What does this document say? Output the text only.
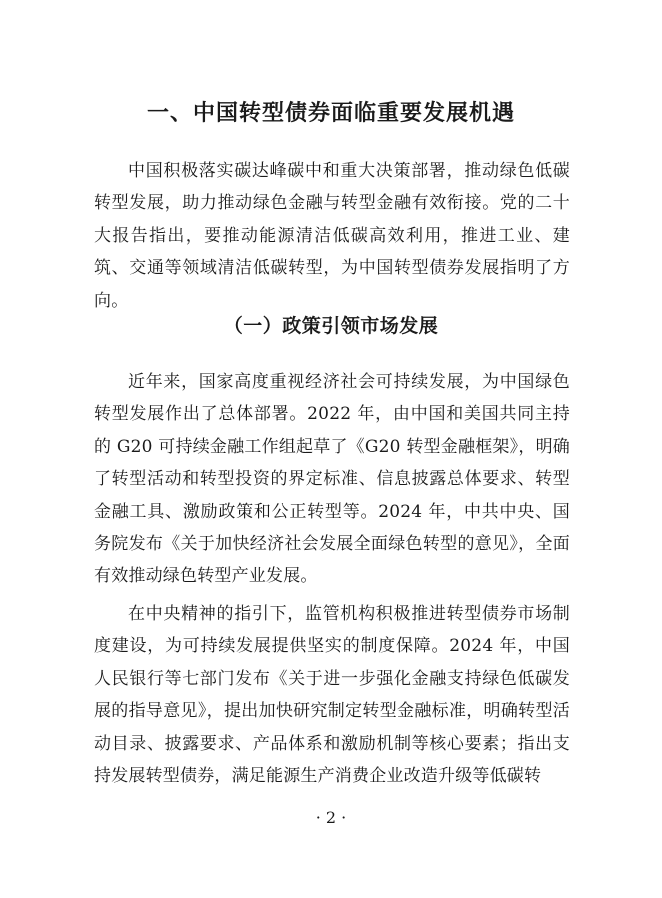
一、中国转型债券面临重要发展机遇

中国积极落实碳达峰碳中和重大决策部署，推动绿色低碳转型发展，助力推动绿色金融与转型金融有效衔接。党的二十大报告指出，要推动能源清洁低碳高效利用，推进工业、建筑、交通等领域清洁低碳转型，为中国转型债券发展指明了方向。

（一）政策引领市场发展

近年来，国家高度重视经济社会可持续发展，为中国绿色转型发展作出了总体部署。2022 年，由中国和美国共同主持的 G20 可持续金融工作组起草了《G20 转型金融框架》，明确了转型活动和转型投资的界定标准、信息披露总体要求、转型金融工具、激励政策和公正转型等。2024 年，中共中央、国务院发布《关于加快经济社会发展全面绿色转型的意见》，全面有效推动绿色转型产业发展。

在中央精神的指引下，监管机构积极推进转型债券市场制度建设，为可持续发展提供坚实的制度保障。2024 年，中国人民银行等七部门发布《关于进一步强化金融支持绿色低碳发展的指导意见》，提出加快研究制定转型金融标准，明确转型活动目录、披露要求、产品体系和激励机制等核心要素；指出支持发展转型债券，满足能源生产消费企业改造升级等低碳转

· 2 ·
